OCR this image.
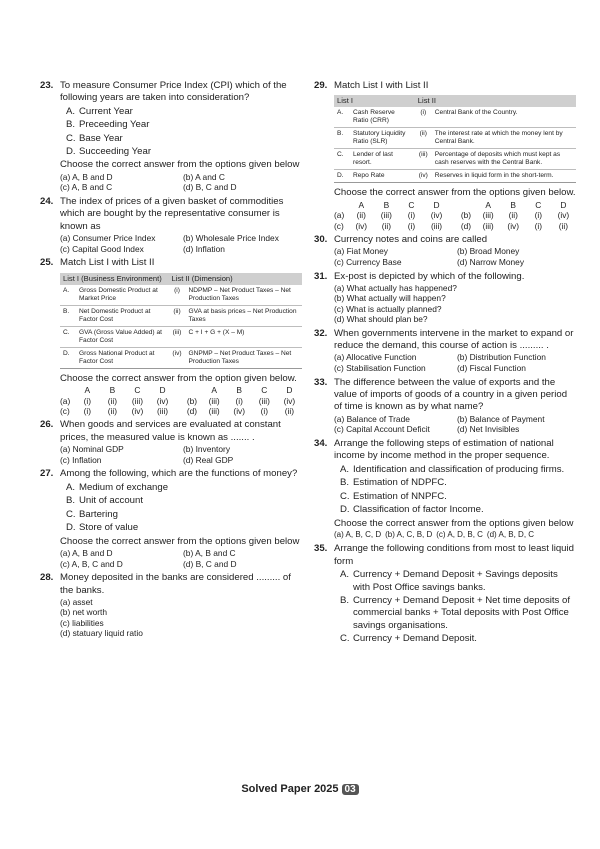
23. To measure Consumer Price Index (CPI) which of the following years are taken into consideration?

A. Current Year
B. Preceeding Year
C. Base Year
D. Succeeding Year
Choose the correct answer from the options given below
(a) A, B and D	(b) A and C
(c) A, B and C	(d) B, C and D
24. The index of prices of a given basket of commodities which are bought by the representative consumer is known as

(a) Consumer Price Index	(b) Wholesale Price Index
(c) Capital Good Index	(d) Inflation
25. Match List I with List II

List I (Business Environment)		List II (Dimension)	
A.	Gross Domestic Product at Market Price	(i)	NDPMP – Net Product Taxes – Net Production Taxes
B.	Net Domestic Product at Factor Cost	(ii)	GVA at basis prices – Net Production Taxes
C.	GVA (Gross Value Added) at Factor Cost	(iii)	C + I + G + (X – M)
D.	Gross National Product at Factor Cost	(iv)	GNPMP – Net Product Taxes – Net Production Taxes
Choose the correct answer from the option given below.
	A	B	C	D			A	B	C	D
(a)	(i)	(ii)	(iii)	(iv)		(b)	(iii)	(i)	(iii)	(iv)
(c)	(i)	(ii)	(iv)	(iii)		(d)	(iii)	(iv)	(i)	(ii)
26. When goods and services are evaluated at constant prices, the measured value is known as ....... .

(a) Nominal GDP	(b) Inventory
(c) Inflation	(d) Real GDP
27. Among the following, which are the functions of money?

A. Medium of exchange
B. Unit of account
C. Bartering
D. Store of value
Choose the correct answer from the options given below
(a) A, B and D	(b) A, B and C
(c) A, B, C and D	(d) B, C and D
28. Money deposited in the banks are considered ......... of the banks.

(a) asset
(b) net worth
(c) liabilities
(d) statuary liquid ratio
29. Match List I with List II

List I		List II	
A.	Cash Reserve Ratio (CRR)	(i)	Central Bank of the Country.
B.	Statutory Liquidity Ratio (SLR)	(ii)	The interest rate at which the money lent by Central Bank.
C.	Lender of last resort.	(iii)	Percentage of deposits which must kept as cash reserves with the Central Bank.
D.	Repo Rate	(iv)	Reserves in liquid form in the short-term.
Choose the correct answer from the options given below.
	A	B	C	D			A	B	C	D
(a)	(ii)	(iii)	(i)	(iv)		(b)	(iii)	(ii)	(i)	(iv)
(c)	(iv)	(ii)	(i)	(iii)		(d)	(iii)	(iv)	(i)	(ii)
30. Currency notes and coins are called

(a) Fiat Money	(b) Broad Money
(c) Currency Base	(d) Narrow Money
31. Ex-post is depicted by which of the following.

(a) What actually has happened?
(b) What actually will happen?
(c) What is actually planned?
(d) What should plan be?
32. When governments intervene in the market to expand or reduce the demand, this course of action is ......... .

(a) Allocative Function	(b) Distribution Function
(c) Stabilisation Function	(d) Fiscal Function
33. The difference between the value of exports and the value of imports of goods of a country in a given period of time is known as by what name?

(a) Balance of Trade	(b) Balance of Payment
(c) Capital Account Deficit	(d) Net Invisibles
34. Arrange the following steps of estimation of national income by income method in the proper sequence.

A. Identification and classification of producing firms.
B. Estimation of NDPFC.
C. Estimation of NNPFC.
D. Classification of factor Income.
Choose the correct answer from the options given below
(a) A, B, C, D (b) A, C, B, D (c) A, D, B, C (d) A, B, D, C
35. Arrange the following conditions from most to least liquid form

A. Currency + Demand Deposit + Savings deposits with Post Office savings banks.
B. Currency + Demand Deposit + Net time deposits of commercial banks + Total deposits with Post Office savings organisations.
C. Currency + Demand Deposit.
Solved Paper 2025 03
